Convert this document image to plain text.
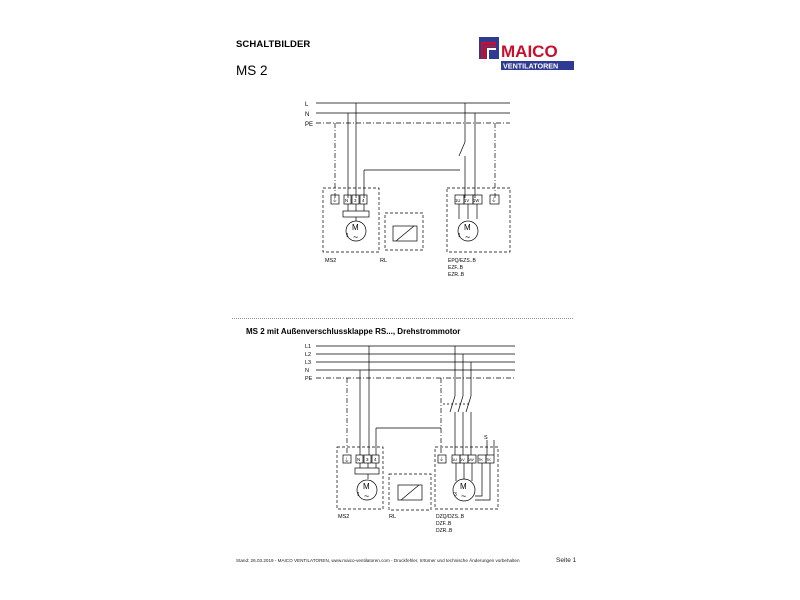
SCHALTBILDER
MS 2
MAICO
VENTILATOREN
MS 2 mit Außenverschlussklappe RS..., Drehstrommotor
L
N
PE
⏚ N 3 4
M
1 ~
MS2	RL
1U 1V 1W ⏚
M
1 ~
EPQ/EZS..B
EZF..B
EZR..B
L1
L2
L3
N
PE
⏚ N 3 4
M
1 ~
MS2	RL
S
⏚ 1U 1V 1W TK TK
M
3 ~
DZQ/DZS..B
DZF..B
DZR..B
Stand: 26.03.2019 - MAICO VENTILATOREN, www.maico-ventilatoren.com - Druckfehler, Irrtümer und technische Änderungen vorbehalten	Seite 1
